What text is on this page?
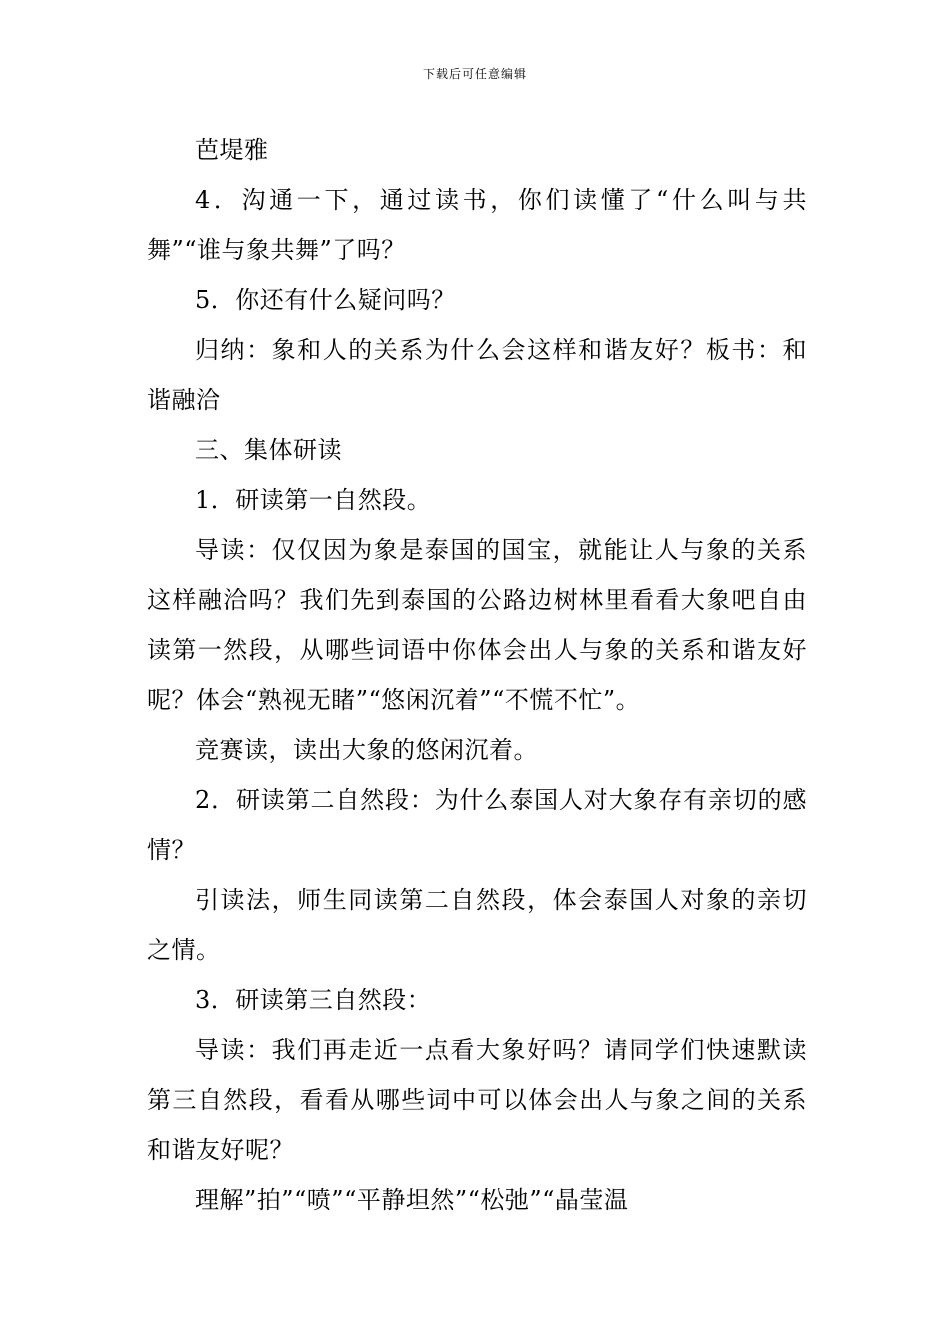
下载后可任意编辑

芭堤雅

4．沟通一下，通过读书，你们读懂了“什么叫与共舞”“谁与象共舞”了吗？

5．你还有什么疑问吗？

归纳：象和人的关系为什么会这样和谐友好？板书：和谐融洽

三、集体研读

1．研读第一自然段。

导读：仅仅因为象是泰国的国宝，就能让人与象的关系这样融洽吗？我们先到泰国的公路边树林里看看大象吧自由读第一然段，从哪些词语中你体会出人与象的关系和谐友好呢？体会“熟视无睹”“悠闲沉着”“不慌不忙”。

竞赛读，读出大象的悠闲沉着。

2．研读第二自然段：为什么泰国人对大象存有亲切的感情？

引读法，师生同读第二自然段，体会泰国人对象的亲切之情。

3．研读第三自然段：

导读：我们再走近一点看大象好吗？请同学们快速默读第三自然段，看看从哪些词中可以体会出人与象之间的关系和谐友好呢？

理解”拍”“喷”“平静坦然”“松弛”“晶莹温
